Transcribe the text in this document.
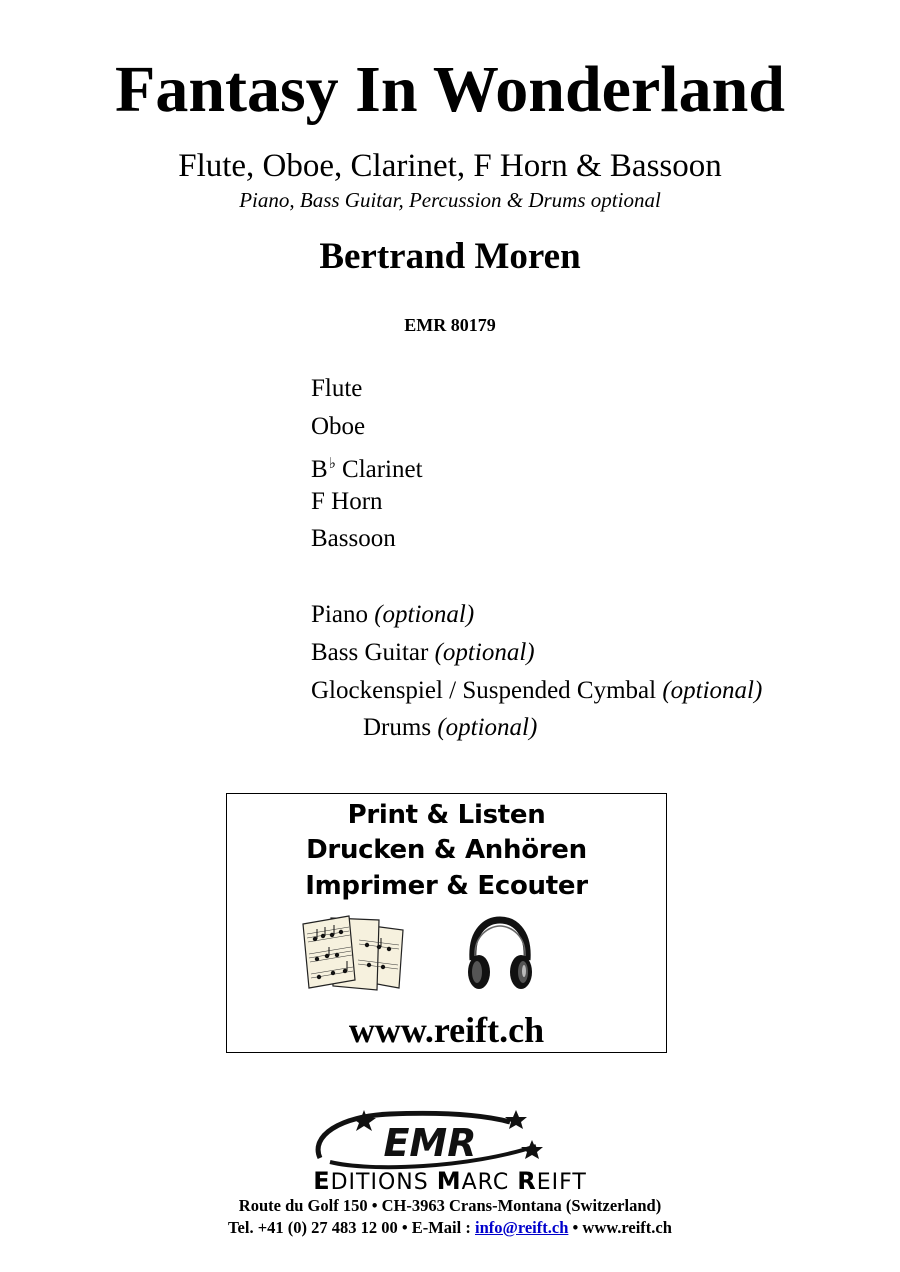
Fantasy In Wonderland
Flute, Oboe, Clarinet, F Horn & Bassoon
Piano, Bass Guitar, Percussion & Drums optional
Bertrand Moren
EMR 80179
Flute
Oboe
B♭ Clarinet
F Horn
Bassoon
Piano (optional)
Bass Guitar (optional)
Glockenspiel / Suspended Cymbal (optional)
Drums (optional)
Print & Listen
Drucken & Anhören
Imprimer & Ecouter
www.reift.ch
EMR
EDITIONS MARC REIFT
Route du Golf 150 • CH-3963 Crans-Montana (Switzerland)
Tel. +41 (0) 27 483 12 00 • E-Mail : info@reift.ch • www.reift.ch
